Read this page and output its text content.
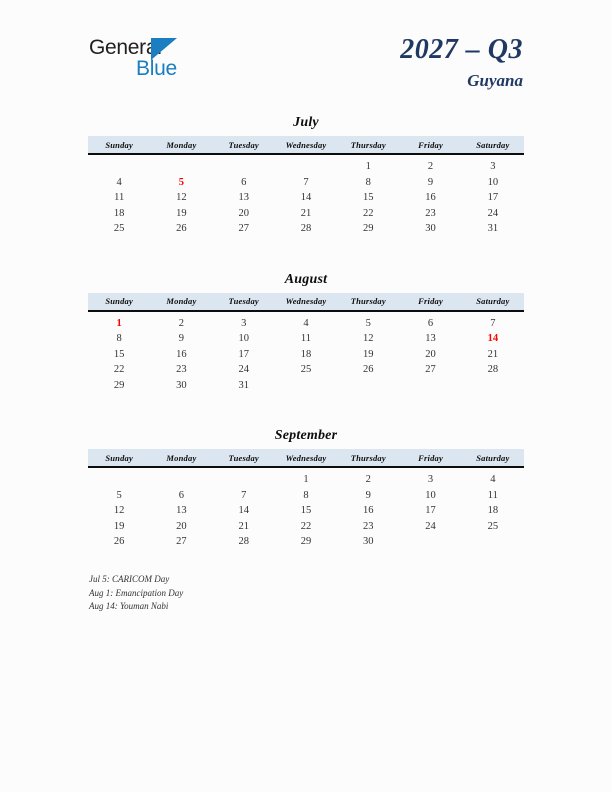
General
Blue
2027 – Q3
Guyana
July
Sunday	Monday	Tuesday	Wednesday	Thursday	Friday	Saturday
				1	2	3
4	5	6	7	8	9	10
11	12	13	14	15	16	17
18	19	20	21	22	23	24
25	26	27	28	29	30	31
August
Sunday	Monday	Tuesday	Wednesday	Thursday	Friday	Saturday
1	2	3	4	5	6	7
8	9	10	11	12	13	14
15	16	17	18	19	20	21
22	23	24	25	26	27	28
29	30	31				
September
Sunday	Monday	Tuesday	Wednesday	Thursday	Friday	Saturday
			1	2	3	4
5	6	7	8	9	10	11
12	13	14	15	16	17	18
19	20	21	22	23	24	25
26	27	28	29	30		
Jul 5: CARICOM Day
Aug 1: Emancipation Day
Aug 14: Youman Nabi
